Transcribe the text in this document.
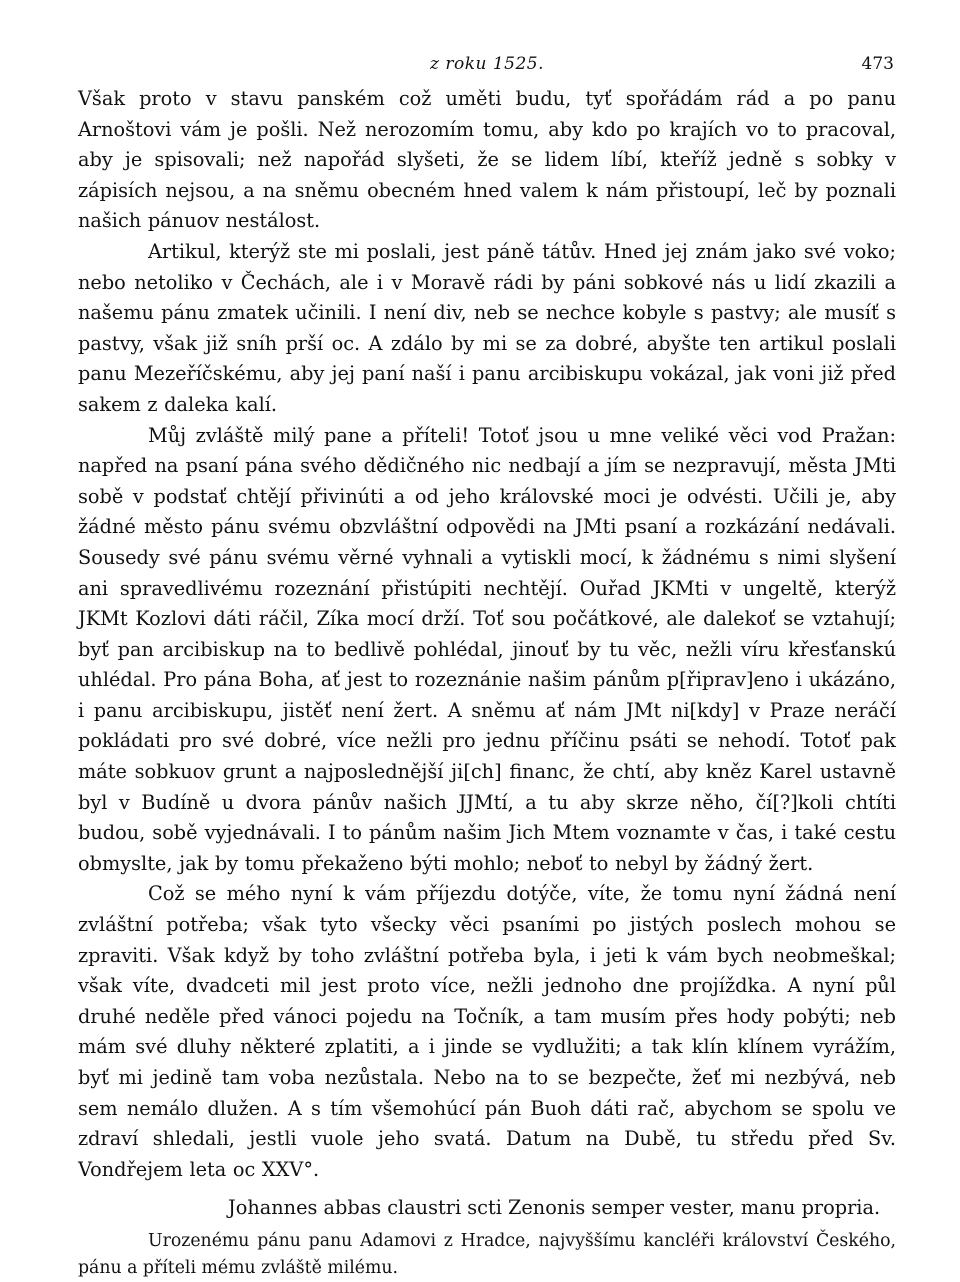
z roku 1525.	473

Však proto v stavu panském což uměti budu, tyť spořádám rád a po panu Arnoštovi vám je pošli. Než nerozomím tomu, aby kdo po krajích vo to pracoval, aby je spisovali; než napořád slyšeti, že se lidem líbí, kteříž jedně s sobky v zápisích nejsou, a na sněmu obecném hned valem k nám přistoupí, leč by poznali našich pánuov nestálost.

Artikul, kterýž ste mi poslali, jest páně tátův. Hned jej znám jako své voko; nebo netoliko v Čechách, ale i v Moravě rádi by páni sobkové nás u lidí zkazili a našemu pánu zmatek učinili. I není div, neb se nechce kobyle s pastvy; ale musíť s pastvy, však již sníh prší oc. A zdálo by mi se za dobré, abyšte ten artikul poslali panu Mezeříčskému, aby jej paní naší i panu arcibiskupu vokázal, jak voni již před sakem z daleka kalí.

Můj zvláště milý pane a příteli! Totoť jsou u mne veliké věci vod Pražan: napřed na psaní pána svého dědičného nic nedbají a jím se nezpravují, města JMti sobě v podstať chtějí přivinúti a od jeho královské moci je odvésti. Učili je, aby žádné město pánu svému obzvláštní odpovědi na JMti psaní a rozkázání nedávali. Sousedy své pánu svému věrné vyhnali a vytiskli mocí, k žádnému s nimi slyšení ani spravedlivému rozeznání přistúpiti nechtějí. Ouřad JKMti v ungeltě, kterýž JKMt Kozlovi dáti ráčil, Zíka mocí drží. Toť sou počátkové, ale dalekoť se vztahují; byť pan arcibiskup na to bedlivě pohlédal, jinouť by tu věc, nežli víru křesťanskú uhlédal. Pro pána Boha, ať jest to rozeznánie našim pánům p[řiprav]eno i ukázáno, i panu arcibiskupu, jistěť není žert. A sněmu ať nám JMt ni[kdy] v Praze neráčí pokládati pro své dobré, více nežli pro jednu příčinu psáti se nehodí. Totoť pak máte sobkuov grunt a najposlednější ji[ch] financ, že chtí, aby kněz Karel ustavně byl v Budíně u dvora pánův našich JJMtí, a tu aby skrze něho, čí[?]koli chtíti budou, sobě vyjednávali. I to pánům našim Jich Mtem voznamte v čas, i také cestu obmyslte, jak by tomu překaženo býti mohlo; neboť to nebyl by žádný žert.

Což se mého nyní k vám příjezdu dotýče, víte, že tomu nyní žádná není zvláštní potřeba; však tyto všecky věci psaními po jistých poslech mohou se zpraviti. Však když by toho zvláštní potřeba byla, i jeti k vám bych neobmeškal; však víte, dvadceti mil jest proto více, nežli jednoho dne projíždka. A nyní půl druhé neděle před vánoci pojedu na Točník, a tam musím přes hody pobýti; neb mám své dluhy některé zplatiti, a i jinde se vydlužiti; a tak klín klínem vyrážím, byť mi jedině tam voba nezůstala. Nebo na to se bezpečte, žeť mi nezbývá, neb sem nemálo dlužen. A s tím všemohúcí pán Buoh dáti rač, abychom se spolu ve zdraví shledali, jestli vuole jeho svatá. Datum na Dubě, tu středu před Sv. Vondřejem leta oc XXV°.

Johannes abbas claustri scti Zenonis semper vester, manu propria.

Urozenému pánu panu Adamovi z Hradce, najvyššímu kancléři království Českého, pánu a příteli mému zvláště milému.
